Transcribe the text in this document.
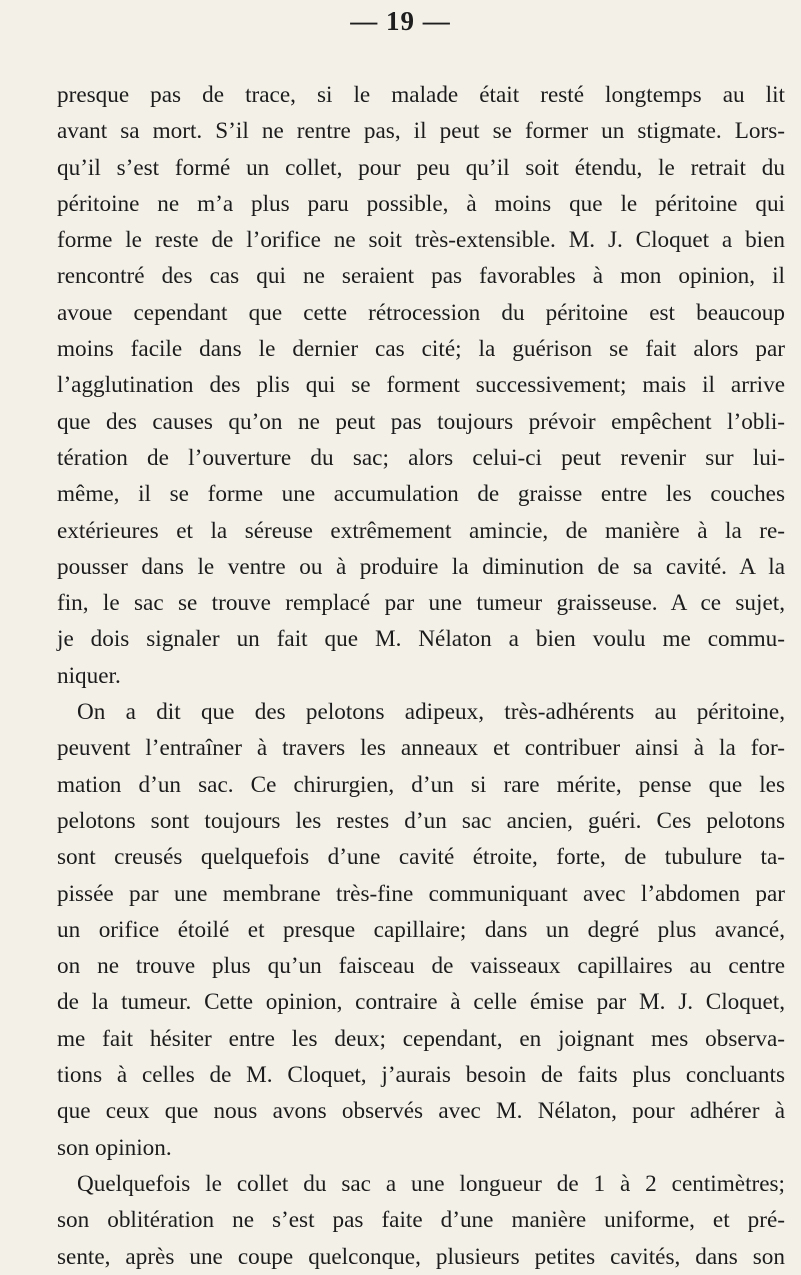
— 19 —
presque pas de trace, si le malade était resté longtemps au lit
avant sa mort. S’il ne rentre pas, il peut se former un stigmate. Lors-
qu’il s’est formé un collet, pour peu qu’il soit étendu, le retrait du
péritoine ne m’a plus paru possible, à moins que le péritoine qui
forme le reste de l’orifice ne soit très-extensible. M. J. Cloquet a bien
rencontré des cas qui ne seraient pas favorables à mon opinion, il
avoue cependant que cette rétrocession du péritoine est beaucoup
moins facile dans le dernier cas cité; la guérison se fait alors par
l’agglutination des plis qui se forment successivement; mais il arrive
que des causes qu’on ne peut pas toujours prévoir empêchent l’obli-
tération de l’ouverture du sac; alors celui-ci peut revenir sur lui-
même, il se forme une accumulation de graisse entre les couches
extérieures et la séreuse extrêmement amincie, de manière à la re-
pousser dans le ventre ou à produire la diminution de sa cavité. A la
fin, le sac se trouve remplacé par une tumeur graisseuse. A ce sujet,
je dois signaler un fait que M. Nélaton a bien voulu me commu-
niquer.
On a dit que des pelotons adipeux, très-adhérents au péritoine,
peuvent l’entraîner à travers les anneaux et contribuer ainsi à la for-
mation d’un sac. Ce chirurgien, d’un si rare mérite, pense que les
pelotons sont toujours les restes d’un sac ancien, guéri. Ces pelotons
sont creusés quelquefois d’une cavité étroite, forte, de tubulure ta-
pissée par une membrane très-fine communiquant avec l’abdomen par
un orifice étoilé et presque capillaire; dans un degré plus avancé,
on ne trouve plus qu’un faisceau de vaisseaux capillaires au centre
de la tumeur. Cette opinion, contraire à celle émise par M. J. Cloquet,
me fait hésiter entre les deux; cependant, en joignant mes observa-
tions à celles de M. Cloquet, j’aurais besoin de faits plus concluants
que ceux que nous avons observés avec M. Nélaton, pour adhérer à
son opinion.
Quelquefois le collet du sac a une longueur de 1 à 2 centimètres;
son oblitération ne s’est pas faite d’une manière uniforme, et pré-
sente, après une coupe quelconque, plusieurs petites cavités, dans son
